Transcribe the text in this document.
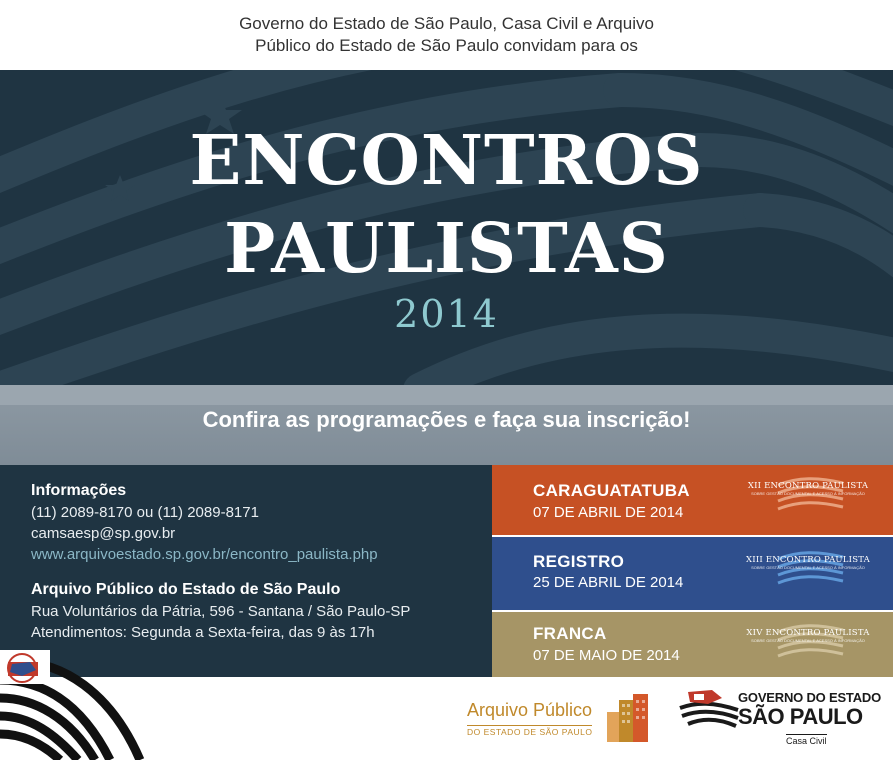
Governo do Estado de São Paulo, Casa Civil e Arquivo
Público do Estado de São Paulo convidam para os
ENCONTROS
PAULISTAS
2014
Confira as programações e faça sua inscrição!
Informações
(11) 2089-8170 ou (11) 2089-8171
camsaesp@sp.gov.br
www.arquivoestado.sp.gov.br/encontro_paulista.php
Arquivo Público do Estado de São Paulo
Rua Voluntários da Pátria, 596 - Santana / São Paulo-SP
Atendimentos: Segunda a Sexta-feira, das 9 às 17h
CARAGUATATUBA
07 DE ABRIL DE 2014
XII ENCONTRO PAULISTA
SOBRE GESTÃO DOCUMENTAL E ACESSO À INFORMAÇÃO
REGISTRO
25 DE ABRIL DE 2014
XIII ENCONTRO PAULISTA
SOBRE GESTÃO DOCUMENTAL E ACESSO À INFORMAÇÃO
FRANCA
07 DE MAIO DE 2014
XIV ENCONTRO PAULISTA
SOBRE GESTÃO DOCUMENTAL E ACESSO À INFORMAÇÃO
Arquivo Público
DO ESTADO DE SÃO PAULO
GOVERNO DO ESTADO
SÃO PAULO
Casa Civil
